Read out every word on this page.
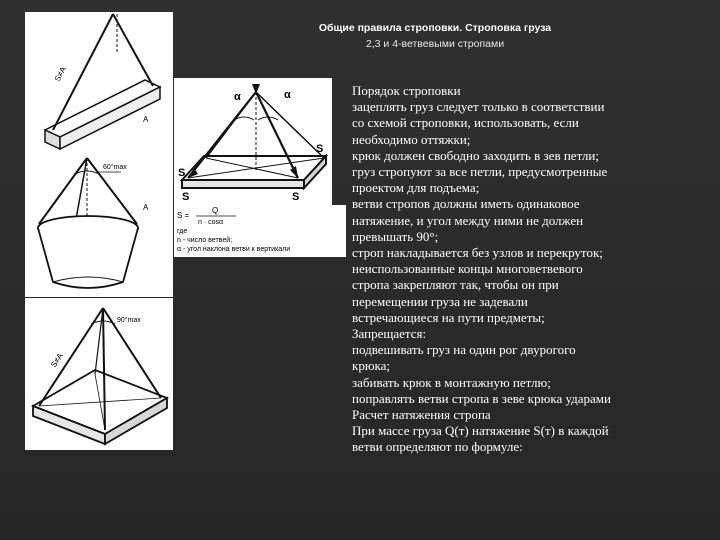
Общие правила строповки. Строповка груза
2,3 и 4-ветвевыми стропами
S≠A
A
α	α
S
S
S	S
S =
Q
n · cosα
где
n - число ветвей;
α - угол наклона ветви к вертикали
60°max
A
90°max
S≠A
Порядок строповки
зацеплять груз следует только в соответствии
со схемой строповки, использовать, если
необходимо оттяжки;
крюк должен свободно заходить в зев петли;
груз стропуют за все петли, предусмотренные
проектом для подъема;
ветви стропов должны иметь одинаковое
натяжение, и угол между ними не должен
превышать 90°;
строп накладывается без узлов и перекруток;
неиспользованные концы многоветвевого
стропа закрепляют так, чтобы он при
перемещении груза не задевали
встречающиеся на пути предметы;
Запрещается:
подвешивать груз на один рог двурогого
крюка;
забивать крюк в монтажную петлю;
поправлять ветви стропа в зеве крюка ударами
Расчет натяжения стропа
При массе груза Q(т) натяжение S(т) в каждой
ветви определяют по формуле:
